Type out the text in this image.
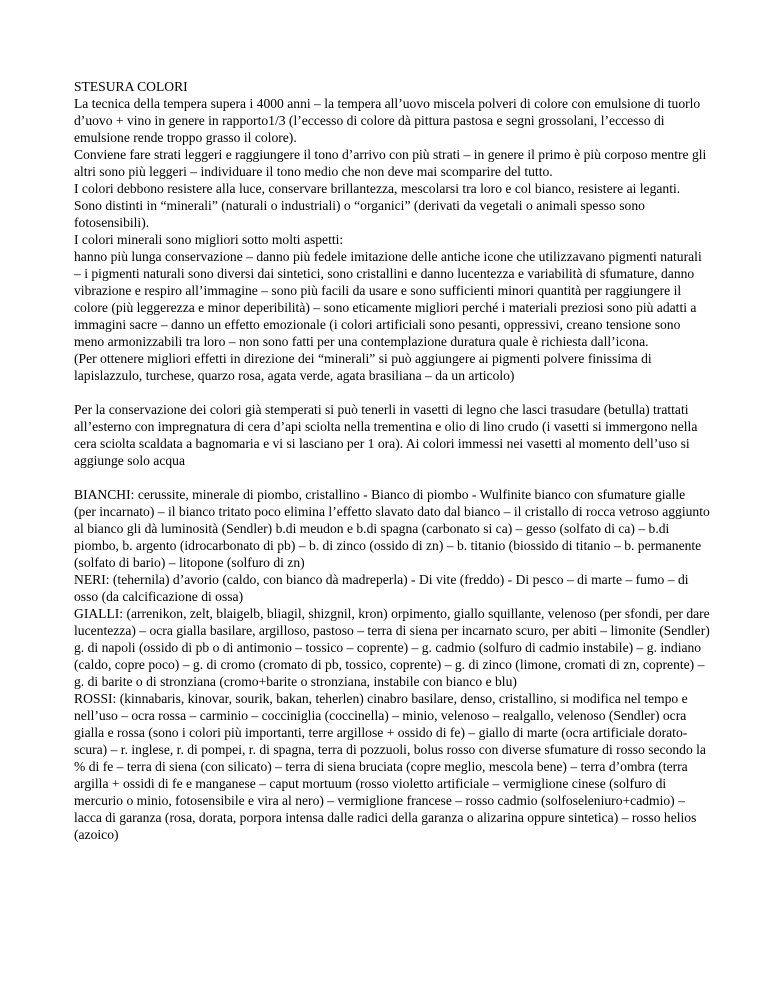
STESURA COLORI

La tecnica della tempera supera i 4000 anni – la tempera all’uovo miscela polveri di colore con emulsione di tuorlo d’uovo + vino in genere in rapporto1/3 (l’eccesso di colore dà pittura pastosa e segni grossolani, l’eccesso di emulsione rende troppo grasso il colore).

Conviene fare strati leggeri e raggiungere il tono d’arrivo con più strati – in genere il primo è più corposo mentre gli altri sono più leggeri – individuare il tono medio che non deve mai scomparire del tutto.

I colori debbono resistere alla luce, conservare brillantezza, mescolarsi tra loro e col bianco, resistere ai leganti. Sono distinti in “minerali” (naturali o industriali) o “organici” (derivati da vegetali o animali spesso sono fotosensibili).

I colori minerali sono migliori sotto molti aspetti:

hanno più lunga conservazione – danno più fedele imitazione delle antiche icone che utilizzavano pigmenti naturali – i pigmenti naturali sono diversi dai sintetici, sono cristallini e danno lucentezza e variabilità di sfumature, danno vibrazione e respiro all’immagine – sono più facili da usare e sono sufficienti minori quantità per raggiungere il colore (più leggerezza e minor deperibilità) – sono eticamente migliori perché i materiali preziosi sono più adatti a immagini sacre – danno un effetto emozionale (i colori artificiali sono pesanti, oppressivi, creano tensione sono meno armonizzabili tra loro – non sono fatti per una contemplazione duratura quale è richiesta dall’icona.

(Per ottenere migliori effetti in direzione dei “minerali” si può aggiungere ai pigmenti polvere finissima di lapislazzulo, turchese, quarzo rosa, agata verde, agata brasiliana – da un articolo)

Per la conservazione dei colori già stemperati si può tenerli in vasetti di legno che lasci trasudare (betulla) trattati all’esterno con impregnatura di cera d’api sciolta nella trementina e olio di lino crudo (i vasetti si immergono nella cera sciolta scaldata a bagnomaria e vi si lasciano per 1 ora). Ai colori immessi nei vasetti al momento dell’uso si aggiunge solo acqua

BIANCHI: cerussite, minerale di piombo, cristallino - Bianco di piombo - Wulfinite bianco con sfumature gialle (per incarnato) – il bianco tritato poco elimina l’effetto slavato dato dal bianco – il cristallo di rocca vetroso aggiunto al bianco gli dà luminosità (Sendler) b.di meudon e b.di spagna (carbonato si ca) – gesso (solfato di ca) – b.di piombo, b. argento (idrocarbonato di pb) – b. di zinco (ossido di zn) – b. titanio (biossido di titanio – b. permanente (solfato di bario) – litopone (solfuro di zn)

NERI: (tehernila) d’avorio (caldo, con bianco dà madreperla) - Di vite (freddo) - Di pesco – di marte – fumo – di osso (da calcificazione di ossa)

GIALLI: (arrenikon, zelt, blaigelb, bliagil, shizgnil, kron) orpimento, giallo squillante, velenoso (per sfondi, per dare lucentezza) – ocra gialla basilare, argilloso, pastoso – terra di siena per incarnato scuro, per abiti – limonite (Sendler) g. di napoli (ossido di pb o di antimonio – tossico – coprente) – g. cadmio (solfuro di cadmio instabile) – g. indiano (caldo, copre poco) – g. di cromo (cromato di pb, tossico, coprente) – g. di zinco (limone, cromati di zn, coprente) – g. di barite o di stronziana (cromo+barite o stronziana, instabile con bianco e blu)

ROSSI: (kinnabaris, kinovar, sourik, bakan, teherlen) cinabro basilare, denso, cristallino, si modifica nel tempo e nell’uso – ocra rossa – carminio – cocciniglia (coccinella) – minio, velenoso – realgallo, velenoso (Sendler) ocra gialla e rossa (sono i colori più importanti, terre argillose + ossido di fe) – giallo di marte (ocra artificiale dorato-scura) – r. inglese, r. di pompei, r. di spagna, terra di pozzuoli, bolus rosso con diverse sfumature di rosso secondo la % di fe – terra di siena (con silicato) – terra di siena bruciata (copre meglio, mescola bene) – terra d’ombra (terra argilla + ossidi di fe e manganese – caput mortuum (rosso violetto artificiale – vermiglione cinese (solfuro di mercurio o minio, fotosensibile e vira al nero) – vermiglione francese – rosso cadmio (solfoseleniuro+cadmio) – lacca di garanza (rosa, dorata, porpora intensa dalle radici della garanza o alizarina oppure sintetica) – rosso helios (azoico)
